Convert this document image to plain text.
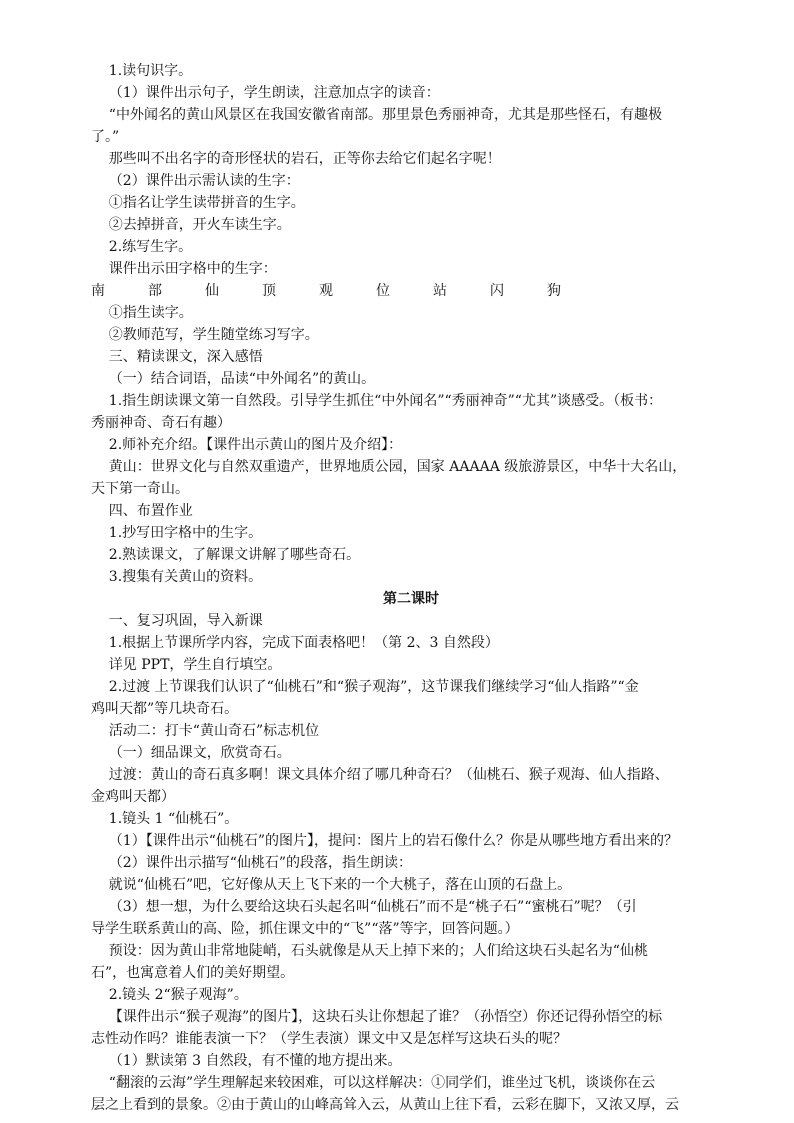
1.读句识字。
（1）课件出示句子，学生朗读，注意加点字的读音：
“中外闻名的黄山风景区在我国安徽省南部。那里景色秀丽神奇，尤其是那些怪石，有趣极
了。”
那些叫不出名字的奇形怪状的岩石，正等你去给它们起名字呢！
（2）课件出示需认读的生字：
①指名让学生读带拼音的生字。
②去掉拼音，开火车读生字。
2.练写生字。
课件出示田字格中的生字：
南	部	仙	顶	观	位	站	闪	狗
①指生读字。
②教师范写，学生随堂练习写字。
三、精读课文，深入感悟
（一）结合词语，品读“中外闻名”的黄山。
1.指生朗读课文第一自然段。引导学生抓住“中外闻名”“秀丽神奇”“尤其”谈感受。（板书：
秀丽神奇、奇石有趣）
2.师补充介绍。【课件出示黄山的图片及介绍】：
黄山：世界文化与自然双重遗产，世界地质公园，国家 AAAAA 级旅游景区，中华十大名山，
天下第一奇山。
四、布置作业
1.抄写田字格中的生字。
2.熟读课文，了解课文讲解了哪些奇石。
3.搜集有关黄山的资料。
第二课时
一、复习巩固，导入新课
1.根据上节课所学内容，完成下面表格吧！（第 2、3 自然段）
详见 PPT，学生自行填空。
2.过渡 上节课我们认识了“仙桃石”和“猴子观海”，这节课我们继续学习“仙人指路”“金
鸡叫天都”等几块奇石。
活动二：打卡“黄山奇石”标志机位
（一）细品课文，欣赏奇石。
过渡：黄山的奇石真多啊！课文具体介绍了哪几种奇石？（仙桃石、猴子观海、仙人指路、
金鸡叫天都）
1.镜头 1 “仙桃石”。
（1）【课件出示“仙桃石”的图片】，提问：图片上的岩石像什么？你是从哪些地方看出来的？
（2）课件出示描写“仙桃石”的段落，指生朗读：
就说“仙桃石”吧，它好像从天上飞下来的一个大桃子，落在山顶的石盘上。
（3）想一想，为什么要给这块石头起名叫“仙桃石”而不是“桃子石”“蜜桃石”呢？（引
导学生联系黄山的高、险，抓住课文中的“飞”“落”等字，回答问题。）
预设：因为黄山非常地陡峭，石头就像是从天上掉下来的；人们给这块石头起名为“仙桃
石”，也寓意着人们的美好期望。
2.镜头 2“猴子观海”。
【课件出示“猴子观海”的图片】，这块石头让你想起了谁？（孙悟空）你还记得孙悟空的标
志性动作吗？谁能表演一下？（学生表演）课文中又是怎样写这块石头的呢？
（1）默读第 3 自然段，有不懂的地方提出来。
“翻滚的云海”学生理解起来较困难，可以这样解决：①同学们，谁坐过飞机，谈谈你在云
层之上看到的景象。②由于黄山的山峰高耸入云，从黄山上往下看，云彩在脚下，又浓又厚，云
